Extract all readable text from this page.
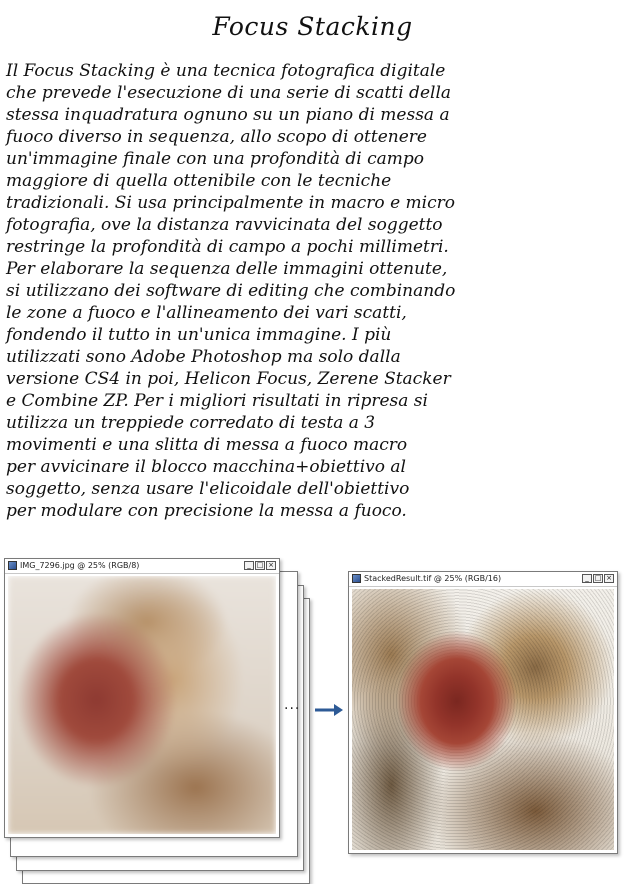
Focus Stacking
Il Focus Stacking è una tecnica fotografica digitale
che prevede l'esecuzione di una serie di scatti della
stessa inquadratura ognuno su un piano di messa a
fuoco diverso in sequenza, allo scopo di ottenere
un'immagine finale con una profondità di campo
maggiore di quella ottenibile con le tecniche
tradizionali. Si usa principalmente in macro e micro
fotografia, ove la distanza ravvicinata del soggetto
restringe la profondità di campo a pochi millimetri.
Per elaborare la sequenza delle immagini ottenute,
si utilizzano dei software di editing che combinando
le zone a fuoco e l'allineamento dei vari scatti,
fondendo il tutto in un'unica immagine. I più
utilizzati sono Adobe Photoshop ma solo dalla
versione CS4 in poi, Helicon Focus, Zerene Stacker
e Combine ZP. Per i migliori risultati in ripresa si
utilizza un treppiede corredato di testa a 3
movimenti e una slitta di messa a fuoco macro
per avvicinare il blocco macchina+obiettivo al
soggetto, senza usare l'elicoidale dell'obiettivo
per modulare con precisione la messa a fuoco.
IMG_7296.jpg @ 25% (RGB/8)	_ □ ×
...
StackedResult.tif @ 25% (RGB/16)	_ □ ×
